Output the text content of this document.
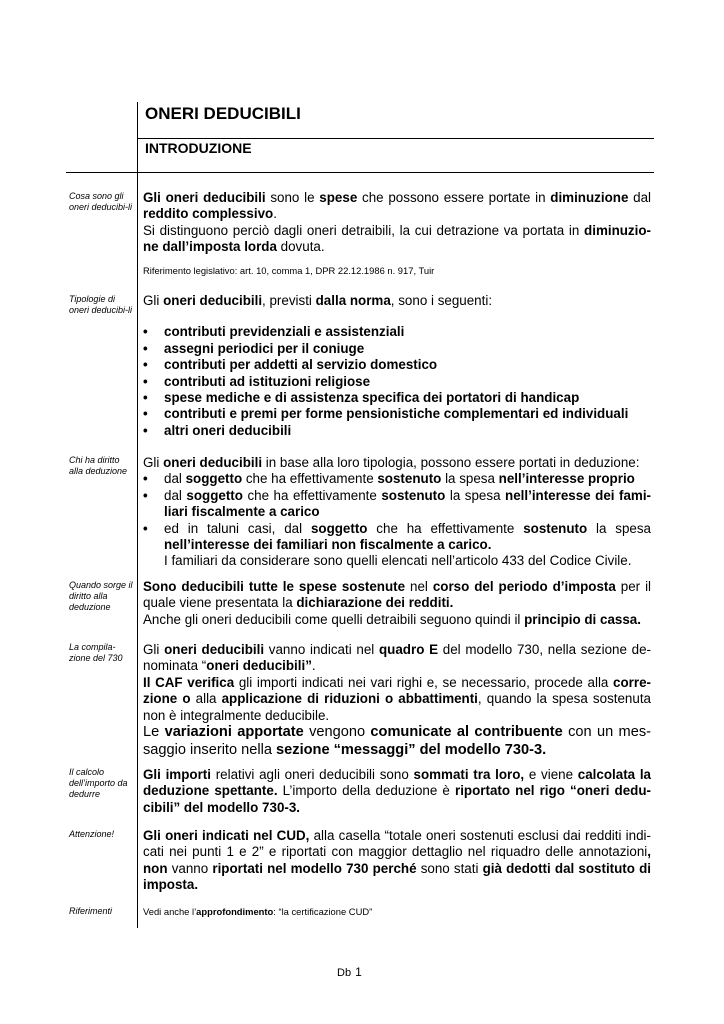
ONERI DEDUCIBILI
INTRODUZIONE
Cosa sono gli oneri deducibi-li

Gli oneri deducibili sono le spese che possono essere portate in diminuzione dal reddito complessivo.

Si distinguono perciò dagli oneri detraibili, la cui detrazione va portata in diminuzio-ne dall’imposta lorda dovuta.

Riferimento legislativo: art. 10, comma 1, DPR 22.12.1986 n. 917, Tuir

Tipologie di oneri deducibi-li

Gli oneri deducibili, previsti dalla norma, sono i seguenti:

• contributi previdenziali e assistenziali
• assegni periodici per il coniuge
• contributi per addetti al servizio domestico
• contributi ad istituzioni religiose
• spese mediche e di assistenza specifica dei portatori di handicap
• contributi e premi per forme pensionistiche complementari ed individuali
• altri oneri deducibili
Chi ha diritto alla deduzione

Gli oneri deducibili in base alla loro tipologia, possono essere portati in deduzione:

• dal soggetto che ha effettivamente sostenuto la spesa nell’interesse proprio
• dal soggetto che ha effettivamente sostenuto la spesa nell’interesse dei fami-liari fiscalmente a carico
• ed in taluni casi, dal soggetto che ha effettivamente sostenuto la spesa nell’interesse dei familiari non fiscalmente a carico.

I familiari da considerare sono quelli elencati nell’articolo 433 del Codice Civile.

Quando sorge il diritto alla deduzione

Sono deducibili tutte le spese sostenute nel corso del periodo d’imposta per il quale viene presentata la dichiarazione dei redditi.

Anche gli oneri deducibili come quelli detraibili seguono quindi il principio di cassa.

La compila-zione del 730

Gli oneri deducibili vanno indicati nel quadro E del modello 730, nella sezione de-nominata “oneri deducibili”.

Il CAF verifica gli importi indicati nei vari righi e, se necessario, procede alla corre-zione o alla applicazione di riduzioni o abbattimenti, quando la spesa sostenuta non è integralmente deducibile.

Le variazioni apportate vengono comunicate al contribuente con un mes-saggio inserito nella sezione “messaggi” del modello 730-3.

Il calcolo dell’importo da dedurre

Gli importi relativi agli oneri deducibili sono sommati tra loro, e viene calcolata la deduzione spettante. L’importo della deduzione è riportato nel rigo “oneri dedu-cibili” del modello 730-3.

Attenzione!	Gli oneri indicati nel CUD, alla casella “totale oneri sostenuti esclusi dai redditi indi-cati nei punti 1 e 2” e riportati con maggior dettaglio nel riquadro delle annotazioni, non vanno riportati nel modello 730 perché sono stati già dedotti dal sostituto di imposta.

Riferimenti	Vedi anche l’approfondimento: “la certificazione CUD”

Db 1
